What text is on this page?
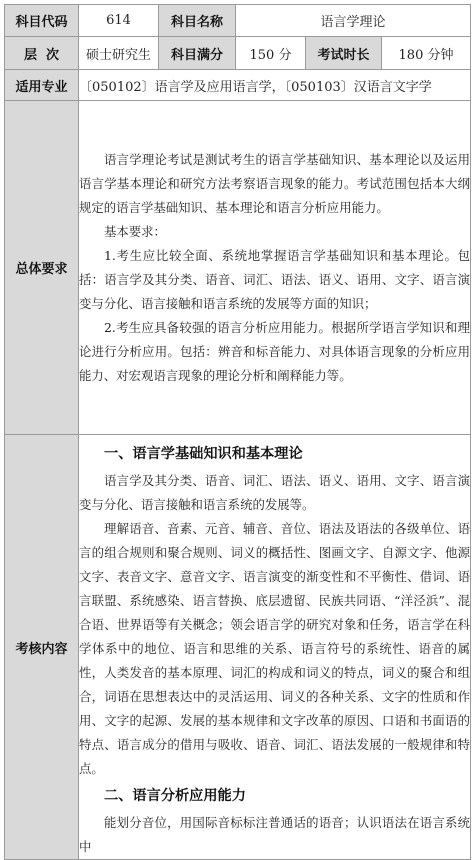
科目代码	614	科目名称	语言学理论		
层  次	硕士研究生	科目满分	150 分	考试时长	180 分钟
适用专业	〔050102〕语言学及应用语言学，〔050103〕汉语言文字学				
总体要求	语言学理论考试是测试考生的语言学基础知识、基本理论以及运用语言学基本理论和研究方法考察语言现象的能力。考试范围包括本大纲规定的语言学基础知识、基本理论和语言分析应用能力。

基本要求：

1.考生应比较全面、系统地掌握语言学基础知识和基本理论。包括：语言学及其分类、语音、词汇、语法、语义、语用、文字、语言演变与分化、语言接触和语言系统的发展等方面的知识；

2.考生应具备较强的语言分析应用能力。根据所学语言学知识和理论进行分析应用。包括：辨音和标音能力、对具体语言现象的分析应用能力、对宏观语言现象的理论分析和阐释能力等。				

考核内容	一、语言学基础知识和基本理论

语言学及其分类、语音、词汇、语法、语义、语用、文字、语言演变与分化、语言接触和语言系统的发展等。

理解语音、音素、元音、辅音、音位、语法及语法的各级单位、语言的组合规则和聚合规则、词义的概括性、图画文字、自源文字、他源文字、表音文字、意音文字、语言演变的渐变性和不平衡性、借词、语言联盟、系统感染、语言替换、底层遗留、民族共同语、“洋泾浜”、混合语、世界语等有关概念；领会语言学的研究对象和任务，语言学在科学体系中的地位、语言和思维的关系、语言符号的系统性、语音的属性，人类发音的基本原理、词汇的构成和词义的特点，词义的聚合和组合，词语在思想表达中的灵活运用、词义的各种关系、文字的性质和作用、文字的起源、发展的基本规律和文字改革的原因、口语和书面语的特点、语言成分的借用与吸收、语音、词汇、语法发展的一般规律和特点。

二、语言分析应用能力

能划分音位，用国际音标标注普通话的语音；认识语法在语言系统中				
